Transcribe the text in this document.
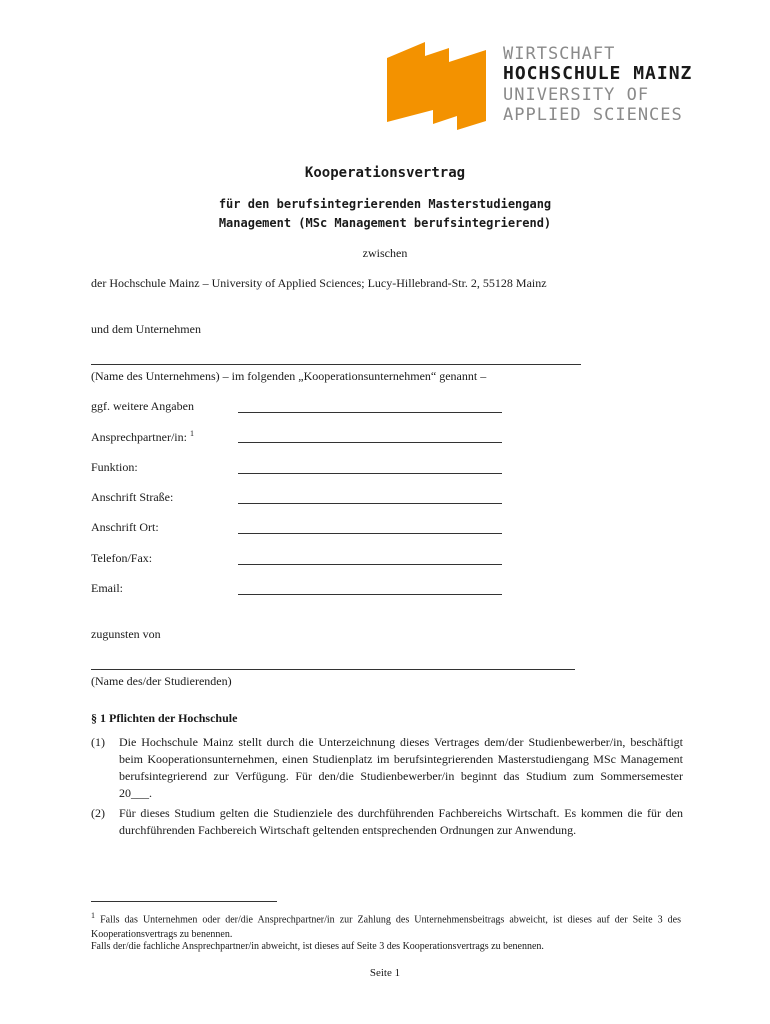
WIRTSCHAFT
HOCHSCHULE MAINZ
UNIVERSITY OF
APPLIED SCIENCES
Kooperationsvertrag
für den berufsintegrierenden Masterstudiengang
Management (MSc Management berufsintegrierend)
zwischen
der Hochschule Mainz – University of Applied Sciences; Lucy-Hillebrand-Str. 2, 55128 Mainz
und dem Unternehmen
(Name des Unternehmens) – im folgenden „Kooperationsunternehmen“ genannt –
ggf. weitere Angaben
Ansprechpartner/in: $^1$
Funktion:
Anschrift Straße:
Anschrift Ort:
Telefon/Fax:
Email:
zugunsten von
(Name des/der Studierenden)
§ 1 Pflichten der Hochschule
(1) Die Hochschule Mainz stellt durch die Unterzeichnung dieses Vertrages dem/der Studienbewerber/in, beschäftigt beim Kooperationsunternehmen, einen Studienplatz im berufsintegrierenden Masterstudiengang MSc Management berufsintegrierend zur Verfügung. Für den/die Studienbewerber/in beginnt das Studium zum Sommersemester 20___.
(2) Für dieses Studium gelten die Studienziele des durchführenden Fachbereichs Wirtschaft. Es kommen die für den durchführenden Fachbereich Wirtschaft geltenden entsprechenden Ordnungen zur Anwendung.
$^1$ Falls das Unternehmen oder der/die Ansprechpartner/in zur Zahlung des Unternehmensbeitrags abweicht, ist dieses auf der Seite 3 des Kooperationsvertrags zu benennen.
Falls der/die fachliche Ansprechpartner/in abweicht, ist dieses auf Seite 3 des Kooperationsvertrags zu benennen.
Seite 1
